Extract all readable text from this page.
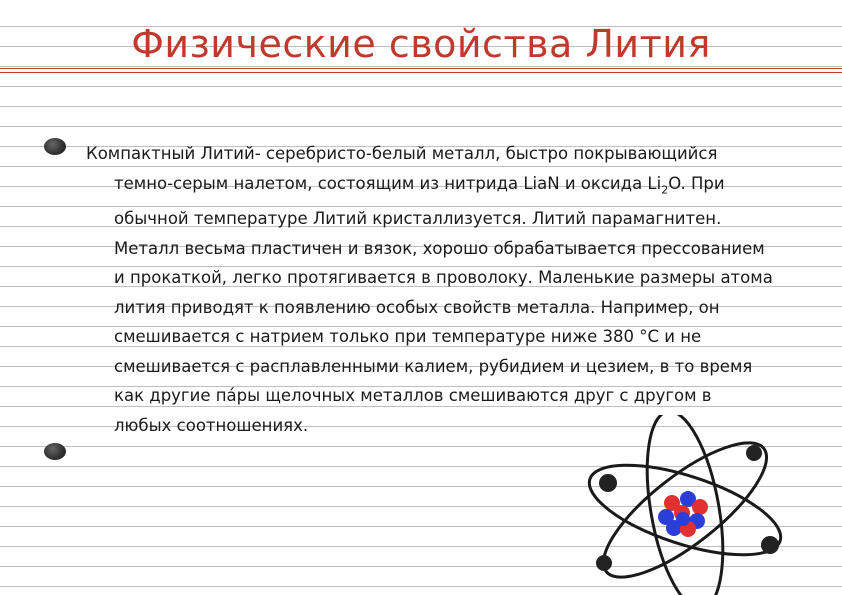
Физические свойства Лития
Компактный Литий- серебристо-белый металл, быстро покрывающийся
темно-серым налетом, состоящим из нитрида LiaN и оксида $Li_2O$. При
обычной температуре Литий кристаллизуется. Литий парамагнитен.
Металл весьма пластичен и вязок, хорошо обрабатывается прессованием
и прокаткой, легко протягивается в проволоку. Маленькие размеры атома
лития приводят к появлению особых свойств металла. Например, он
смешивается с натрием только при температуре ниже 380 °C и не
смешивается с расплавленными калием, рубидием и цезием, в то время
как другие пáры щелочных металлов смешиваются друг с другом в
любых соотношениях.
